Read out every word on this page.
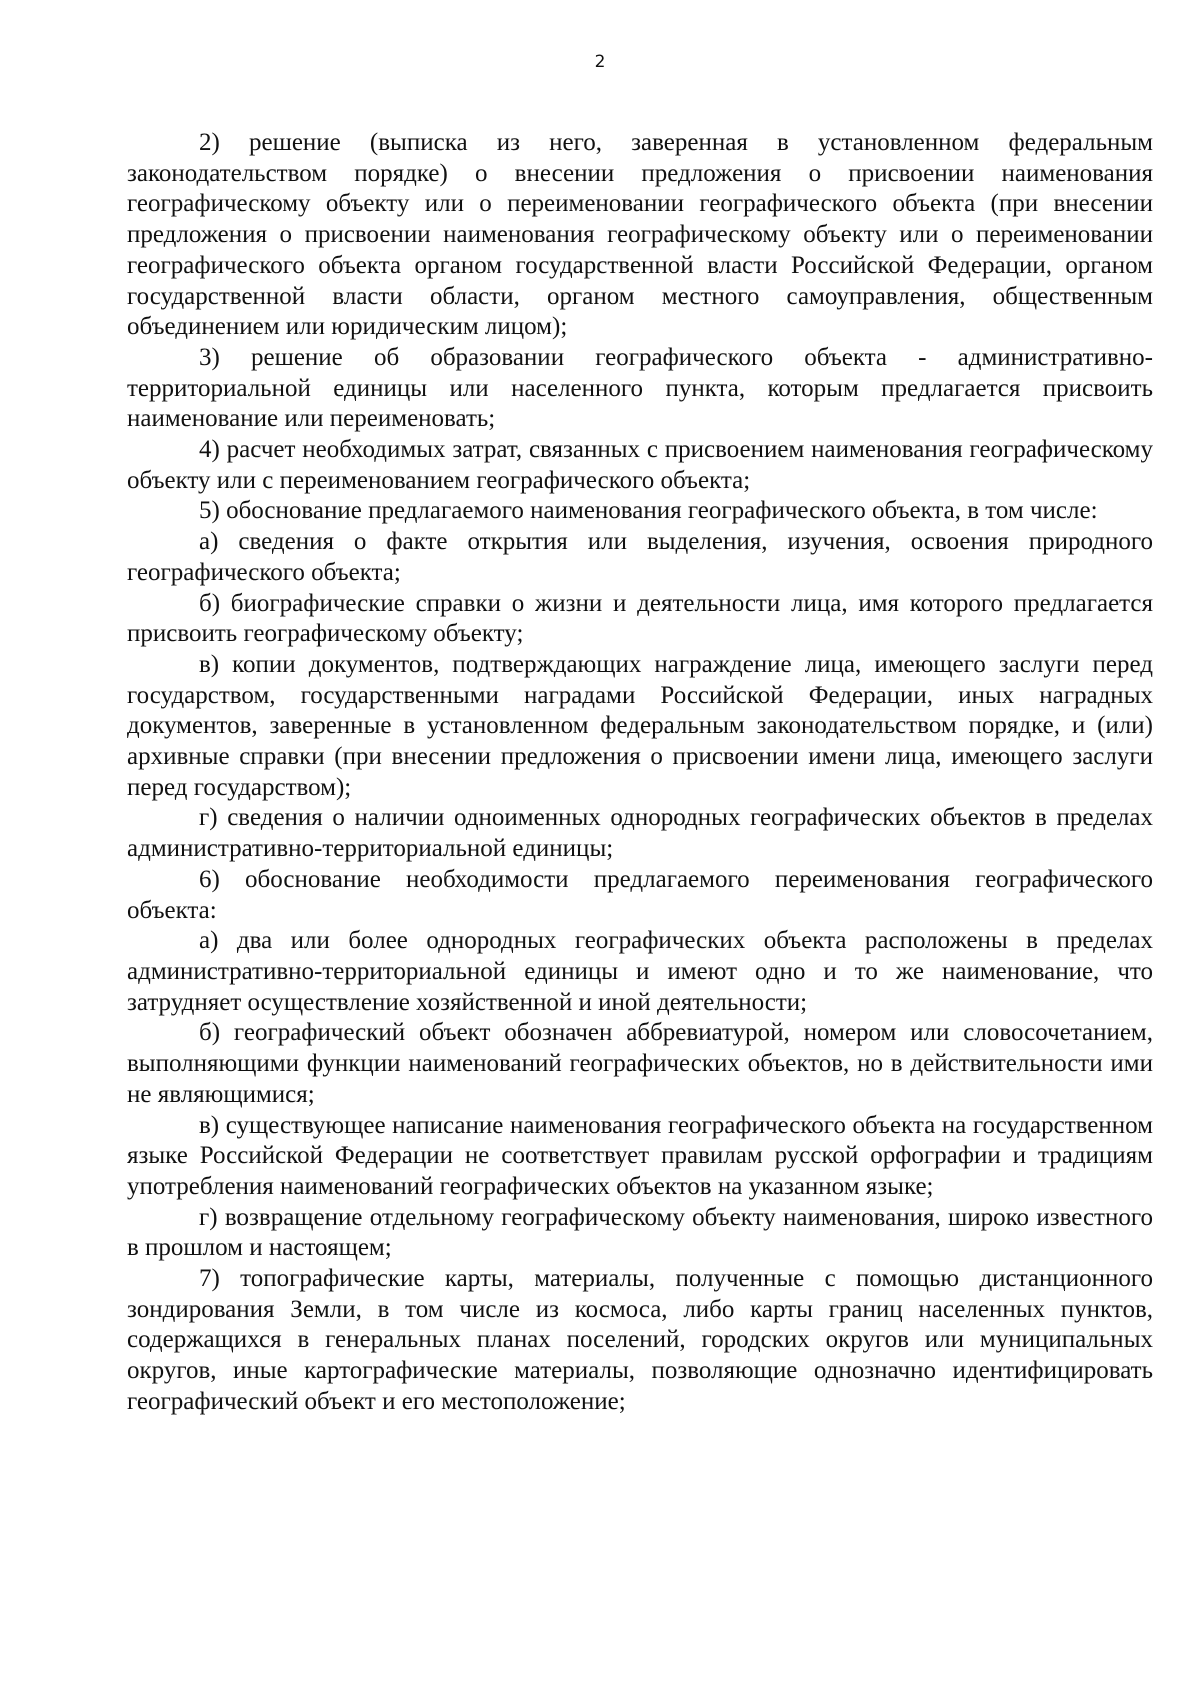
2

2) решение (выписка из него, заверенная в установленном федеральным законодательством порядке) о внесении предложения о присвоении наименования географическому объекту или о переименовании географического объекта (при внесении предложения о присвоении наименования географическому объекту или о переименовании географического объекта органом государственной власти Российской Федерации, органом государственной власти области, органом местного самоуправления, общественным объединением или юридическим лицом);

3) решение об образовании географического объекта - административно-территориальной единицы или населенного пункта, которым предлагается присвоить наименование или переименовать;

4) расчет необходимых затрат, связанных с присвоением наименования географическому объекту или с переименованием географического объекта;

5) обоснование предлагаемого наименования географического объекта, в том числе:

а) сведения о факте открытия или выделения, изучения, освоения природного географического объекта;

б) биографические справки о жизни и деятельности лица, имя которого предлагается присвоить географическому объекту;

в) копии документов, подтверждающих награждение лица, имеющего заслуги перед государством, государственными наградами Российской Федерации, иных наградных документов, заверенные в установленном федеральным законодательством порядке, и (или) архивные справки (при внесении предложения о присвоении имени лица, имеющего заслуги перед государством);

г) сведения о наличии одноименных однородных географических объектов в пределах административно-территориальной единицы;

6) обоснование необходимости предлагаемого переименования географического объекта:

а) два или более однородных географических объекта расположены в пределах административно-территориальной единицы и имеют одно и то же наименование, что затрудняет осуществление хозяйственной и иной деятельности;

б) географический объект обозначен аббревиатурой, номером или словосочетанием, выполняющими функции наименований географических объектов, но в действительности ими не являющимися;

в) существующее написание наименования географического объекта на государственном языке Российской Федерации не соответствует правилам русской орфографии и традициям употребления наименований географических объектов на указанном языке;

г) возвращение отдельному географическому объекту наименования, широко известного в прошлом и настоящем;

7) топографические карты, материалы, полученные с помощью дистанционного зондирования Земли, в том числе из космоса, либо карты границ населенных пунктов, содержащихся в генеральных планах поселений, городских округов или муниципальных округов, иные картографические материалы, позволяющие однозначно идентифицировать географический объект и его местоположение;
